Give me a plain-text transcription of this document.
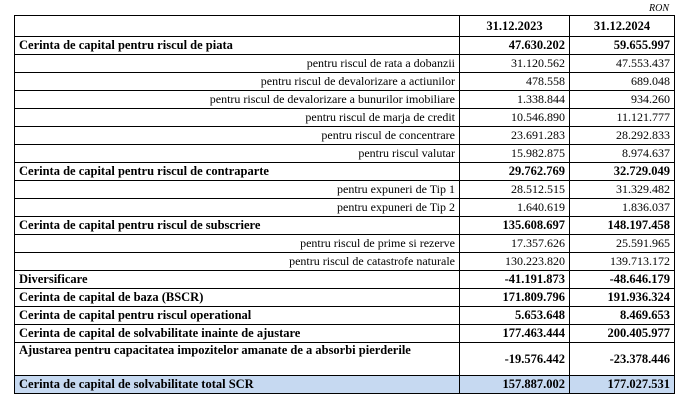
RON
	31.12.2023	31.12.2024
Cerinta de capital pentru riscul de piata	47.630.202	59.655.997
pentru riscul de rata a dobanzii	31.120.562	47.553.437
pentru riscul de devalorizare a actiunilor	478.558	689.048
pentru riscul de devalorizare a bunurilor imobiliare	1.338.844	934.260
pentru riscul de marja de credit	10.546.890	11.121.777
pentru riscul de concentrare	23.691.283	28.292.833
pentru riscul valutar	15.982.875	8.974.637
Cerinta de capital pentru riscul de contraparte	29.762.769	32.729.049
pentru expuneri de Tip 1	28.512.515	31.329.482
pentru expuneri de Tip 2	1.640.619	1.836.037
Cerinta de capital pentru riscul de subscriere	135.608.697	148.197.458
pentru riscul de prime si rezerve	17.357.626	25.591.965
pentru riscul de catastrofe naturale	130.223.820	139.713.172
Diversificare	-41.191.873	-48.646.179
Cerinta de capital de baza (BSCR)	171.809.796	191.936.324
Cerinta de capital pentru riscul operational	5.653.648	8.469.653
Cerinta de capital de solvabilitate inainte de ajustare	177.463.444	200.405.977
Ajustarea pentru capacitatea impozitelor amanate de a absorbi pierderile	-19.576.442	-23.378.446
Cerinta de capital de solvabilitate total SCR	157.887.002	177.027.531
